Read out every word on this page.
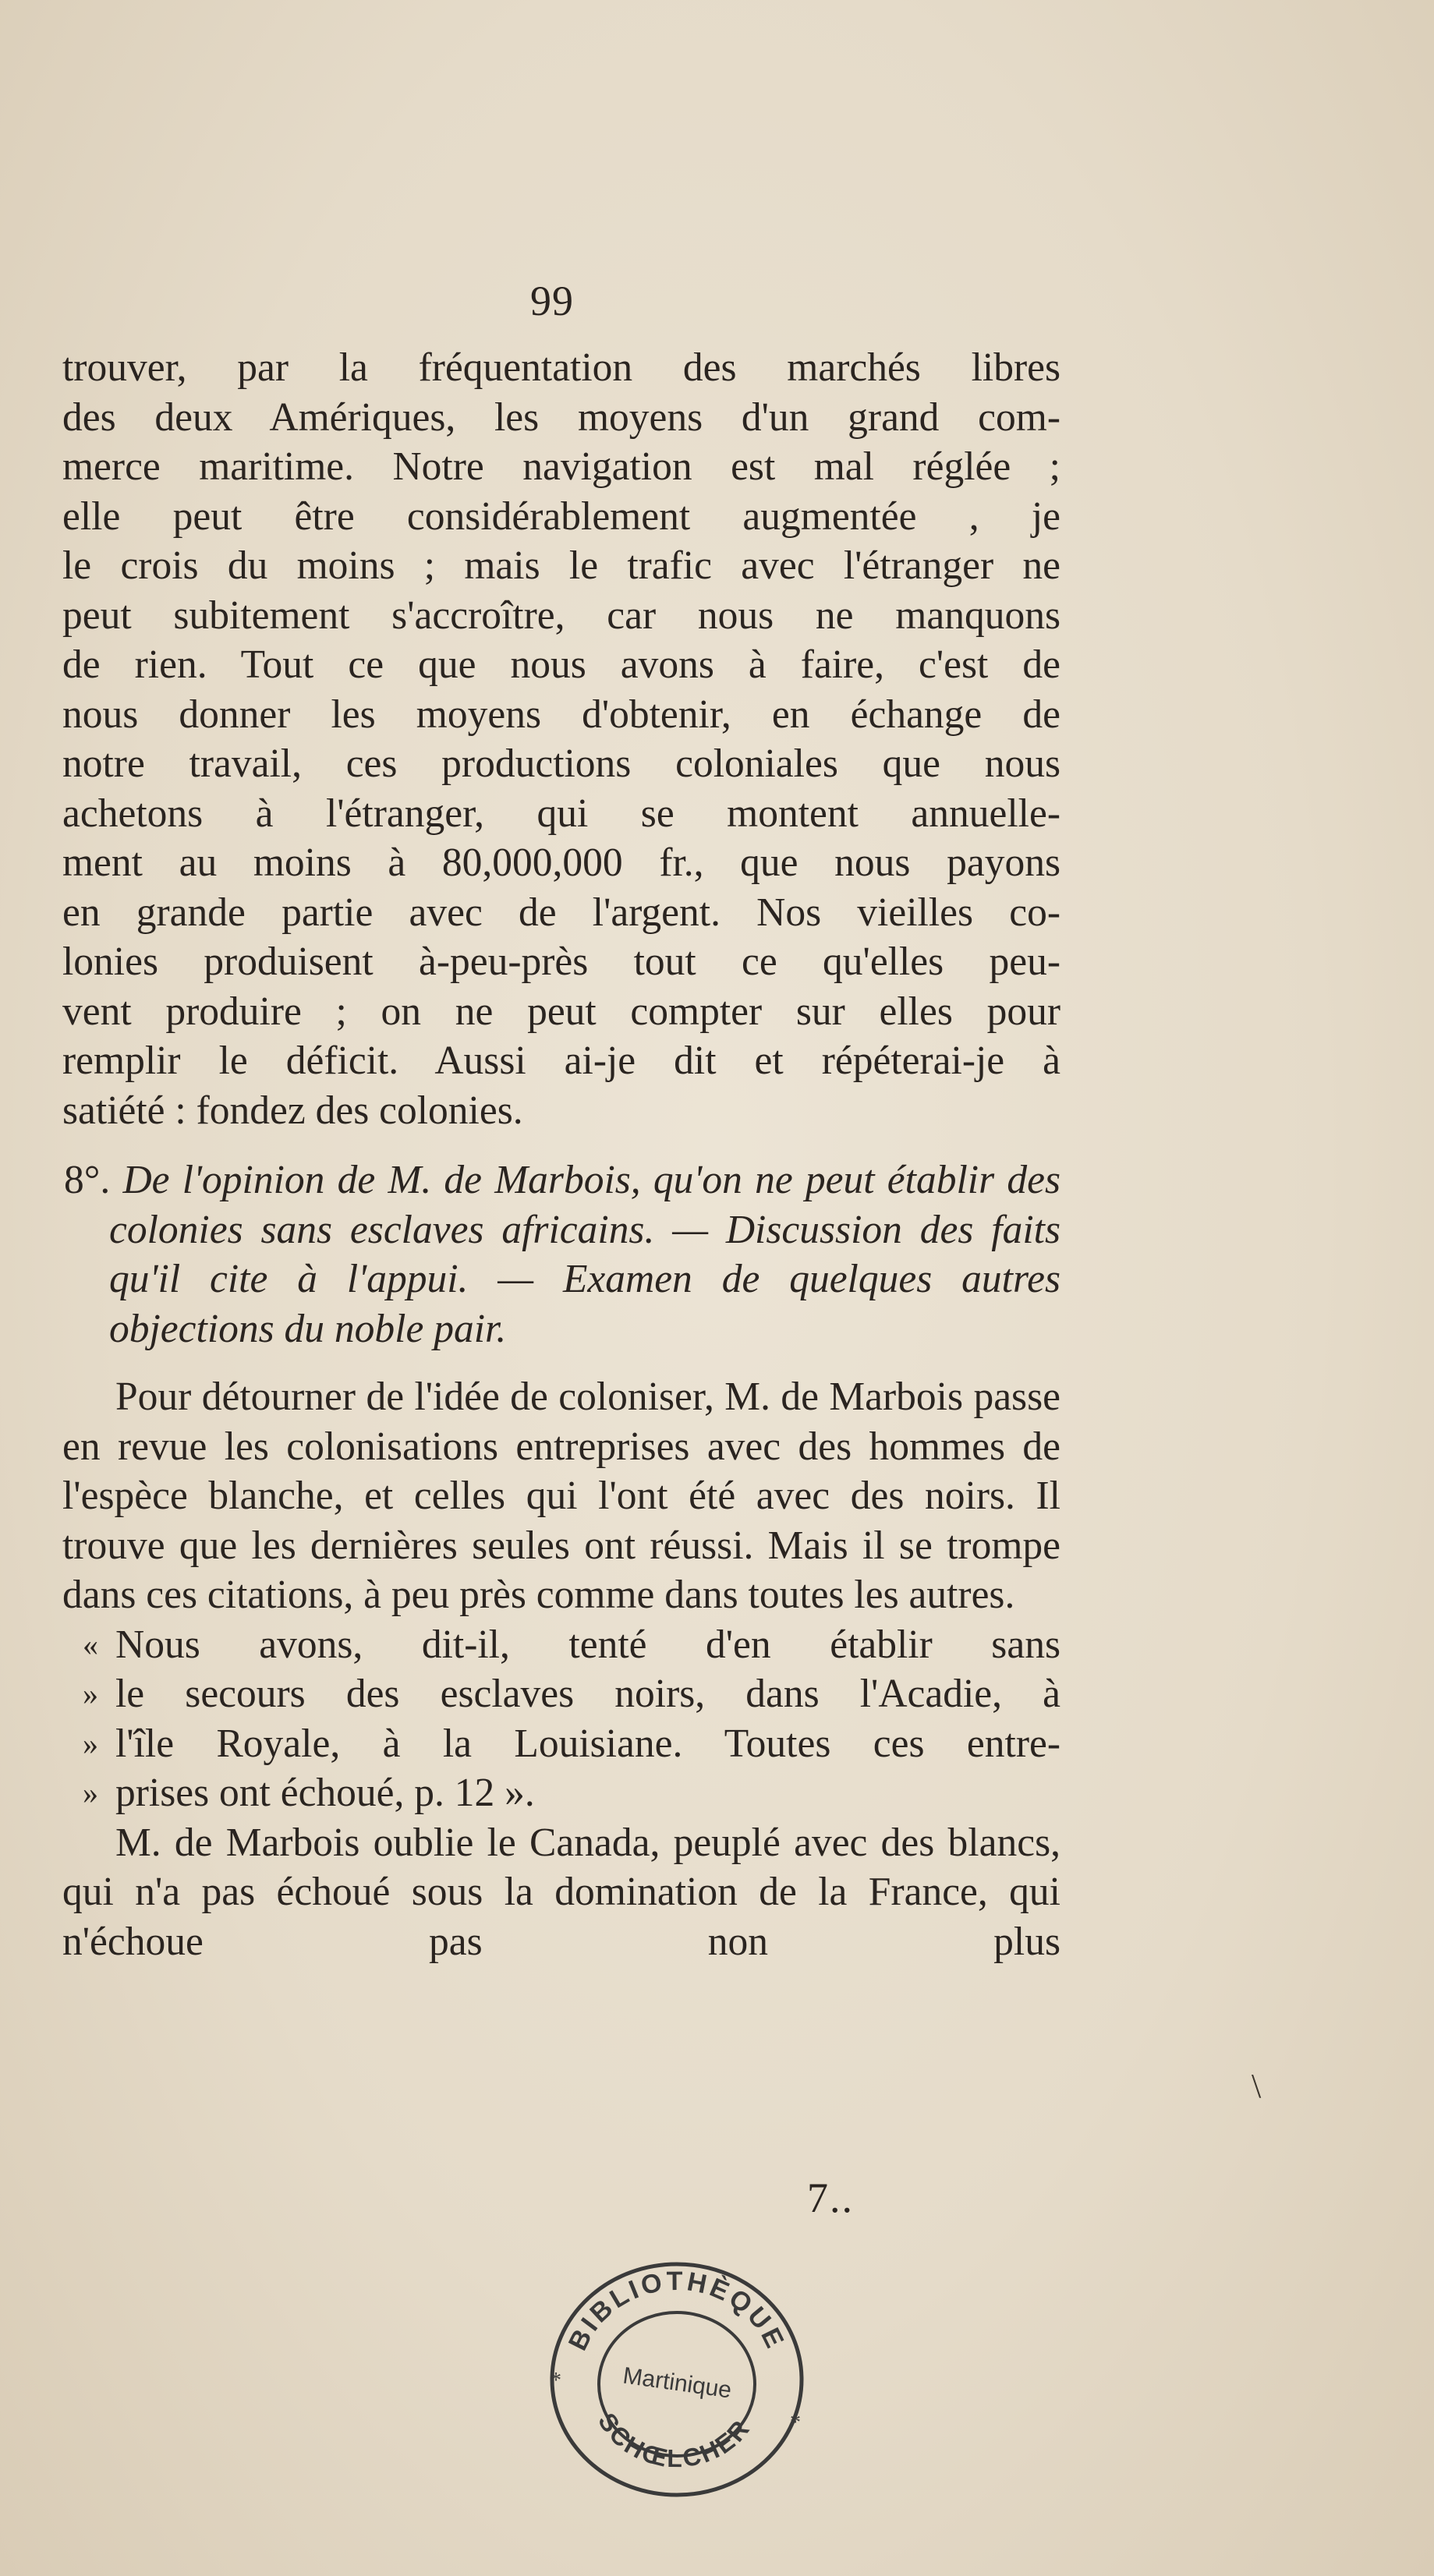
99

trouver, par la fréquentation des marchés libres

des deux Amériques, les moyens d'un grand com-

merce maritime. Notre navigation est mal réglée ;

elle peut être considérablement augmentée , je

le crois du moins ; mais le trafic avec l'étranger ne

peut subitement s'accroître, car nous ne manquons

de rien. Tout ce que nous avons à faire, c'est de

nous donner les moyens d'obtenir, en échange de

notre travail, ces productions coloniales que nous

achetons à l'étranger, qui se montent annuelle-

ment au moins à 80,000,000 fr., que nous payons

en grande partie avec de l'argent. Nos vieilles co-

lonies produisent à-peu-près tout ce qu'elles peu-

vent produire ; on ne peut compter sur elles pour

remplir le déficit. Aussi ai-je dit et répéterai-je à

satiété : fondez des colonies.

8°. De l'opinion de M. de Marbois, qu'on ne peut établir des colonies sans esclaves africains. — Discussion des faits qu'il cite à l'appui. — Examen de quelques autres objections du noble pair.

Pour détourner de l'idée de coloniser, M. de Marbois passe en revue les colonisations entreprises avec des hommes de l'espèce blanche, et celles qui l'ont été avec des noirs. Il trouve que les dernières seules ont réussi. Mais il se trompe dans ces citations, à peu près comme dans toutes les autres.

« Nous avons, dit-il, tenté d'en établir sans
» le secours des esclaves noirs, dans l'Acadie, à
» l'île Royale, à la Louisiane. Toutes ces entre-
» prises ont échoué, p. 12 ».

M. de Marbois oublie le Canada, peuplé avec des blancs, qui n'a pas échoué sous la domination de la France, qui n'échoue pas non plus

7..
\
BIBLIOTHÈQUE
Martinique
SCHŒLCHER
*
*
